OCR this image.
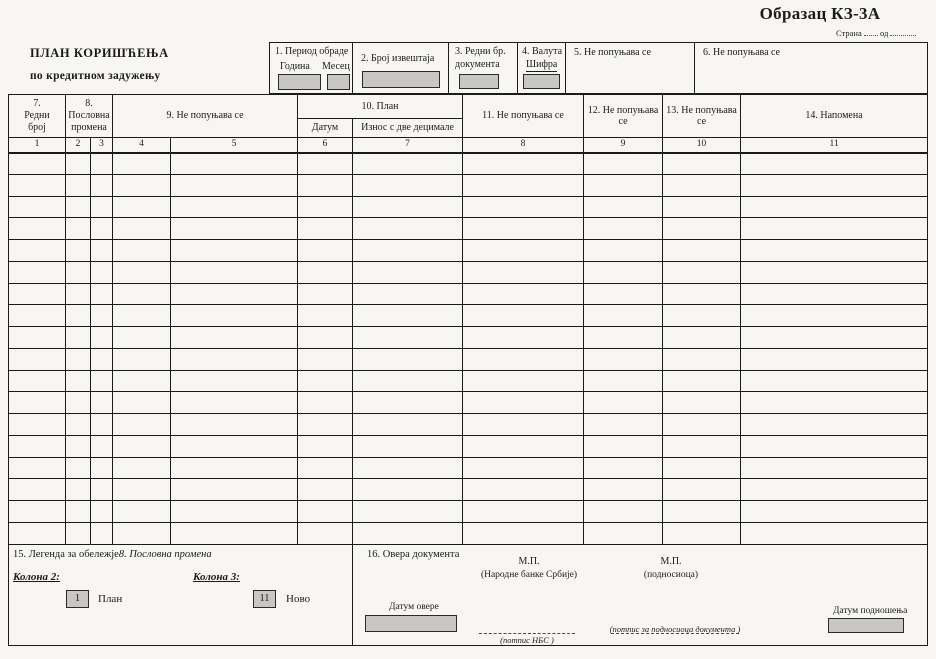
Образац КЗ-3А
Страна од
ПЛАН КОРИШЋЕЊА
по кредитном задужењу
1. Период обраде
Година Месец
2. Број извештаја
3. Редни бр.
документа
4. Валута
Шифра
5. Не попуњава се	6. Не попуњава се
7.
Редни
број

8.
Пословна
промена
	9. Не попуњава се	10. План	11. Не попуњава се	12. Не попуњава се	13. Не попуњава се	14. Напомена
					Датум	Износ с две децимале				
1	2	3	4	5	6	7	8	9	10	11

15. Легенда за обележје8. Пословна промена
Колона 2:	Колона 3:
1	План	11	Ново
16. Овера документа
М.П.
(Народне банке Србије)
М.П.
(подносиоца)
Датум овере
(потпис НБС )
(потпис за подносиоца документа )
Датум подношења
